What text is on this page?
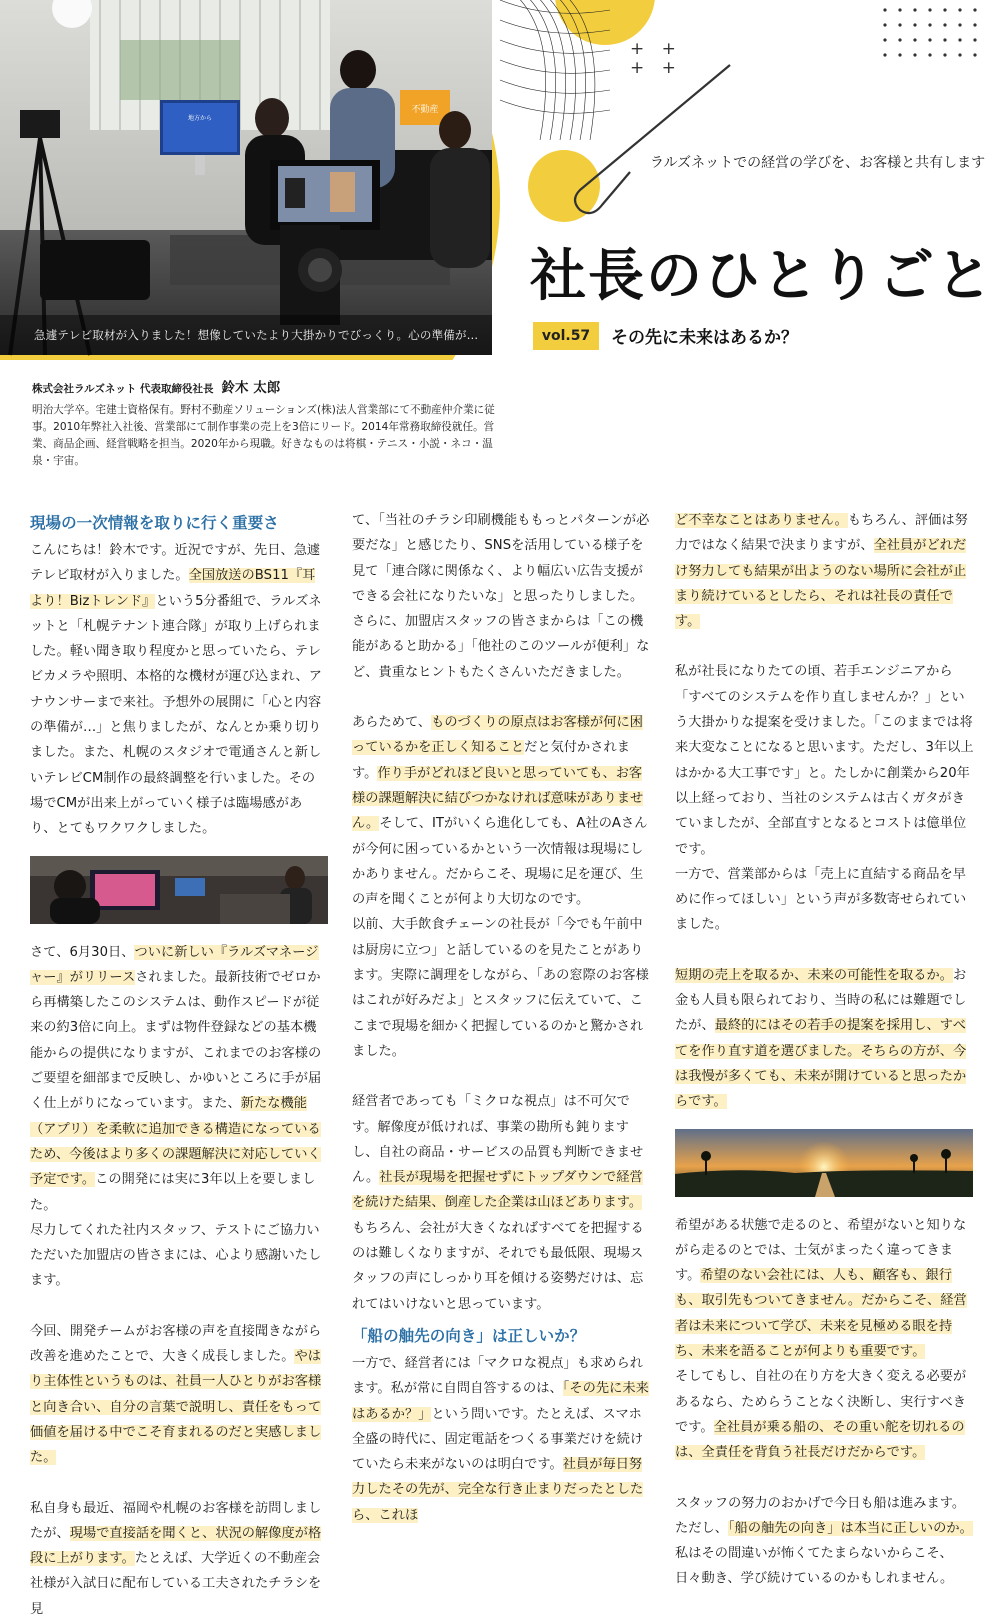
+ +
+ +
地方から
不動産
急遽テレビ取材が入りました！想像していたより大掛かりでびっくり。心の準備が…
ラルズネットでの経営の学びを、お客様と共有します
社長のひとりごと
vol.57	その先に未来はあるか？
株式会社ラルズネット 代表取締役社長 鈴木 太郎
明治大学卒。宅建士資格保有。野村不動産ソリューションズ(株)法人営業部にて不動産仲介業に従事。2010年弊社入社後、営業部にて制作事業の売上を3倍にリード。2014年常務取締役就任。営業、商品企画、経営戦略を担当。2020年から現職。好きなものは将棋・テニス・小説・ネコ・温泉・宇宙。
現場の一次情報を取りに行く重要さ

こんにちは！鈴木です。近況ですが、先日、急遽テレビ取材が入りました。全国放送のBS11『耳より！Bizトレンド』という5分番組で、ラルズネットと「札幌テナント連合隊」が取り上げられました。軽い聞き取り程度かと思っていたら、テレビカメラや照明、本格的な機材が運び込まれ、アナウンサーまで来社。予想外の展開に「心と内容の準備が…」と焦りましたが、なんとか乗り切りました。また、札幌のスタジオで電通さんと新しいテレビCM制作の最終調整を行いました。その場でCMが出来上がっていく様子は臨場感があり、とてもワクワクしました。

さて、6月30日、ついに新しい『ラルズマネージャー』がリリースされました。最新技術でゼロから再構築したこのシステムは、動作スピードが従来の約3倍に向上。まずは物件登録などの基本機能からの提供になりますが、これまでのお客様のご要望を細部まで反映し、かゆいところに手が届く仕上がりになっています。また、新たな機能（アプリ）を柔軟に追加できる構造になっているため、今後はより多くの課題解決に対応していく予定です。この開発には実に3年以上を要しました。

尽力してくれた社内スタッフ、テストにご協力いただいた加盟店の皆さまには、心より感謝いたします。

今回、開発チームがお客様の声を直接聞きながら改善を進めたことで、大きく成長しました。やはり主体性というものは、社員一人ひとりがお客様と向き合い、自分の言葉で説明し、責任をもって価値を届ける中でこそ育まれるのだと実感しました。

私自身も最近、福岡や札幌のお客様を訪問しましたが、現場で直接話を聞くと、状況の解像度が格段に上がります。たとえば、大学近くの不動産会社様が入試日に配布している工夫されたチラシを見

て、「当社のチラシ印刷機能ももっとパターンが必要だな」と感じたり、SNSを活用している様子を見て「連合隊に関係なく、より幅広い広告支援ができる会社になりたいな」と思ったりしました。

さらに、加盟店スタッフの皆さまからは「この機能があると助かる」「他社のこのツールが便利」など、貴重なヒントもたくさんいただきました。

あらためて、ものづくりの原点はお客様が何に困っているかを正しく知ることだと気付かされます。作り手がどれほど良いと思っていても、お客様の課題解決に結びつかなければ意味がありません。そして、ITがいくら進化しても、A社のAさんが今何に困っているかという一次情報は現場にしかありません。だからこそ、現場に足を運び、生の声を聞くことが何より大切なのです。

以前、大手飲食チェーンの社長が「今でも午前中は厨房に立つ」と話しているのを見たことがあります。実際に調理をしながら、「あの窓際のお客様はこれが好みだよ」とスタッフに伝えていて、ここまで現場を細かく把握しているのかと驚かされました。

経営者であっても「ミクロな視点」は不可欠です。解像度が低ければ、事業の勘所も鈍りますし、自社の商品・サービスの品質も判断できません。社長が現場を把握せずにトップダウンで経営を続けた結果、倒産した企業は山ほどあります。

もちろん、会社が大きくなればすべてを把握するのは難しくなりますが、それでも最低限、現場スタッフの声にしっかり耳を傾ける姿勢だけは、忘れてはいけないと思っています。

「船の舳先の向き」は正しいか？

一方で、経営者には「マクロな視点」も求められます。私が常に自問自答するのは、「その先に未来はあるか？」という問いです。たとえば、スマホ全盛の時代に、固定電話をつくる事業だけを続けていたら未来がないのは明白です。社員が毎日努力したその先が、完全な行き止まりだったとしたら、これほ

ど不幸なことはありません。もちろん、評価は努力ではなく結果で決まりますが、全社員がどれだけ努力しても結果が出ようのない場所に会社が止まり続けているとしたら、それは社長の責任です。

私が社長になりたての頃、若手エンジニアから「すべてのシステムを作り直しませんか？」という大掛かりな提案を受けました。「このままでは将来大変なことになると思います。ただし、3年以上はかかる大工事です」と。たしかに創業から20年以上経っており、当社のシステムは古くガタがきていましたが、全部直すとなるとコストは億単位です。

一方で、営業部からは「売上に直結する商品を早めに作ってほしい」という声が多数寄せられていました。

短期の売上を取るか、未来の可能性を取るか。お金も人員も限られており、当時の私には難題でしたが、最終的にはその若手の提案を採用し、すべてを作り直す道を選びました。そちらの方が、今は我慢が多くても、未来が開けていると思ったからです。

希望がある状態で走るのと、希望がないと知りながら走るのとでは、士気がまったく違ってきます。希望のない会社には、人も、顧客も、銀行も、取引先もついてきません。だからこそ、経営者は未来について学び、未来を見極める眼を持ち、未来を語ることが何よりも重要です。

そしてもし、自社の在り方を大きく変える必要があるなら、ためらうことなく決断し、実行すべきです。全社員が乗る船の、その重い舵を切れるのは、全責任を背負う社長だけだからです。

スタッフの努力のおかげで今日も船は進みます。ただし、「船の舳先の向き」は本当に正しいのか。私はその間違いが怖くてたまらないからこそ、日々動き、学び続けているのかもしれません。
